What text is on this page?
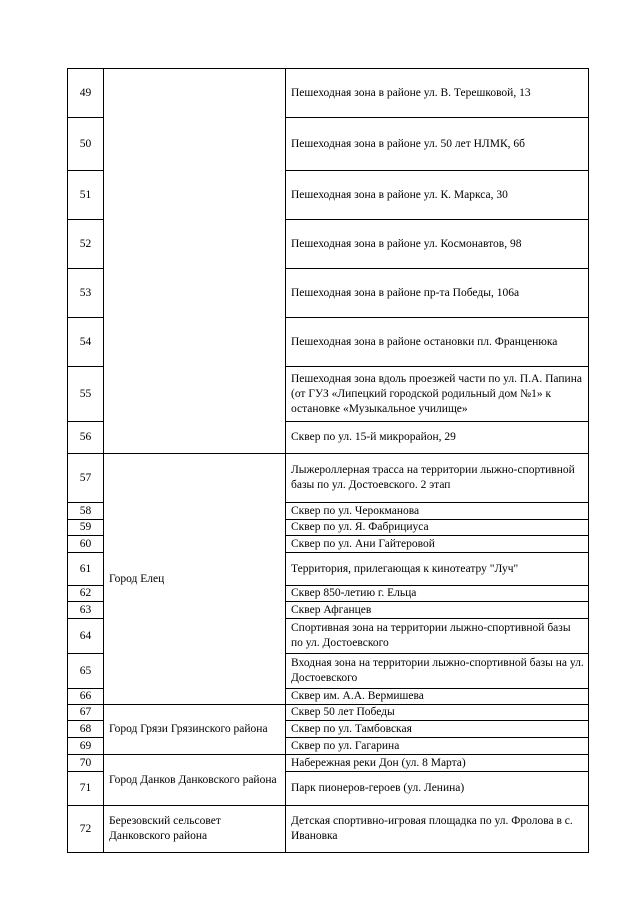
49		Пешеходная зона в районе ул. В. Терешковой, 13
50		Пешеходная зона в районе ул. 50 лет НЛМК, 6б
51		Пешеходная зона в районе ул. К. Маркса, 30
52		Пешеходная зона в районе ул. Космонавтов, 98
53		Пешеходная зона в районе пр-та Победы, 106а
54		Пешеходная зона в районе остановки пл. Франценюка
55		Пешеходная зона вдоль проезжей части по ул. П.А. Папина (от ГУЗ «Липецкий городской родильный дом №1» к остановке «Музыкальное училище»
56		Сквер по ул. 15-й микрорайон, 29
57	Город Елец	Лыжероллерная трасса на территории лыжно-спортивной базы по ул. Достоевского. 2 этап
58		Сквер по ул. Черокманова
59		Сквер по ул. Я. Фабрициуса
60		Сквер по ул. Ани Гайтеровой
61		Территория, прилегающая к кинотеатру "Луч"
62		Сквер 850-летию г. Ельца
63		Сквер Афганцев
64		Спортивная зона на территории лыжно-спортивной базы по ул. Достоевского
65		Входная зона на территории лыжно-спортивной базы на ул. Достоевского
66		Сквер им. А.А. Вермишева
67	Город Грязи Грязинского района	Сквер 50 лет Победы
68		Сквер по ул. Тамбовская
69		Сквер по ул. Гагарина
70	Город Данков Данковского района	Набережная реки Дон (ул. 8 Марта)
71		Парк пионеров-героев (ул. Ленина)
72	Березовский сельсовет Данковского района	Детская спортивно-игровая площадка по ул. Фролова в с. Ивановка
